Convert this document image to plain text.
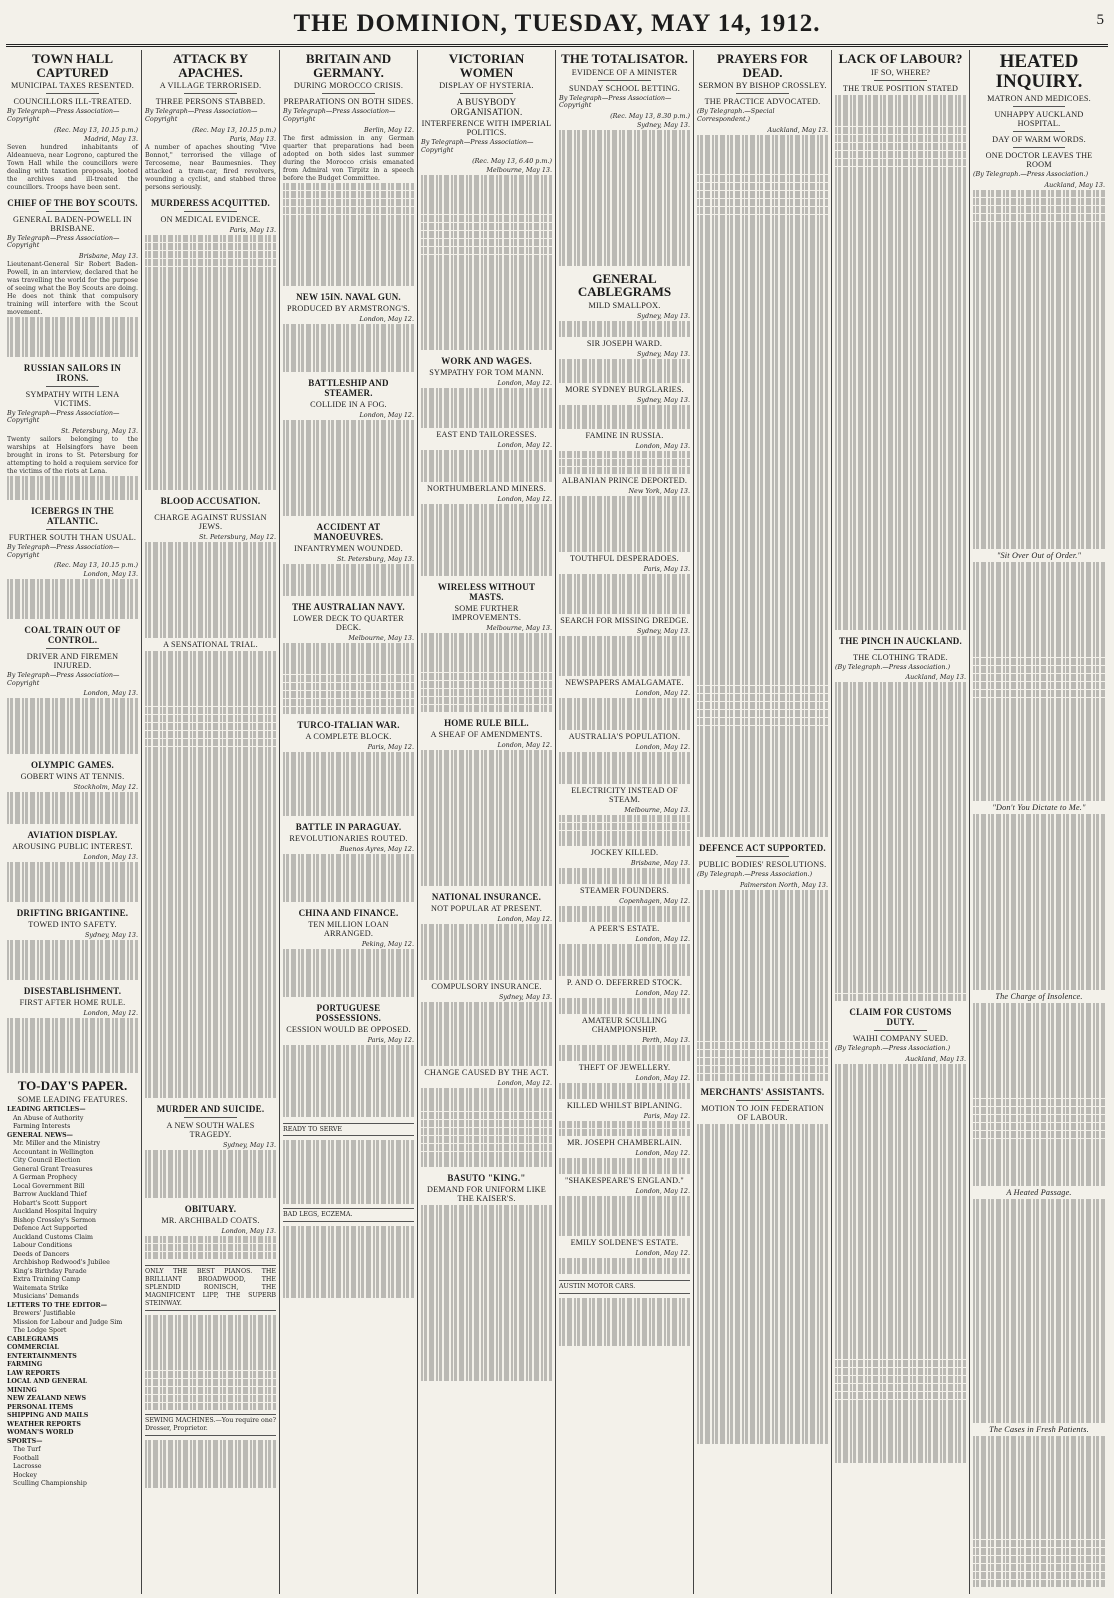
THE DOMINION, TUESDAY, MAY 14, 1912.	5
TOWN HALL CAPTURED
MUNICIPAL TAXES RESENTED.
COUNCILLORS ILL-TREATED.
By Telegraph—Press Association—Copyright
(Rec. May 13, 10.15 p.m.)
Madrid, May 13.

Seven hundred inhabitants of Aldeanueva, near Logrono, captured the Town Hall while the councillors were dealing with taxation proposals, looted the archives and ill-treated the councillors. Troops have been sent.

CHIEF OF THE BOY SCOUTS.
GENERAL BADEN-POWELL IN BRISBANE.
By Telegraph—Press Association—Copyright
Brisbane, May 13.

Lieutenant-General Sir Robert Baden-Powell, in an interview, declared that he was travelling the world for the purpose of seeing what the Boy Scouts are doing. He does not think that compulsory training will interfere with the Scout movement.

RUSSIAN SAILORS IN IRONS.
SYMPATHY WITH LENA VICTIMS.
By Telegraph—Press Association—Copyright
St. Petersburg, May 13.

Twenty sailors belonging to the warships at Helsingfors have been brought in irons to St. Petersburg for attempting to hold a requiem service for the victims of the riots at Lena.

ICEBERGS IN THE ATLANTIC.
FURTHER SOUTH THAN USUAL.
By Telegraph—Press Association—Copyright
(Rec. May 13, 10.15 p.m.)
London, May 13.
COAL TRAIN OUT OF CONTROL.
DRIVER AND FIREMEN INJURED.
By Telegraph—Press Association—Copyright
London, May 13.
OLYMPIC GAMES.
GOBERT WINS AT TENNIS.
Stockholm, May 12.
AVIATION DISPLAY.
AROUSING PUBLIC INTEREST.
London, May 13.
DRIFTING BRIGANTINE.
TOWED INTO SAFETY.
Sydney, May 13.
DISESTABLISHMENT.
FIRST AFTER HOME RULE.
London, May 12.
TO-DAY'S PAPER.
SOME LEADING FEATURES.
LEADING ARTICLES—
An Abuse of Authority
Farming Interests
GENERAL NEWS—
Mr. Miller and the Ministry
Accountant in Wellington
City Council Election
General Grant Treasures
A German Prophecy
Local Government Bill
Barrow Auckland Thief
Hobart's Scott Support
Auckland Hospital Inquiry
Bishop Crossley's Sermon
Defence Act Supported
Auckland Customs Claim
Labour Conditions
Deeds of Dancers
Archbishop Redwood's Jubilee
King's Birthday Parade
Extra Training Camp
Waitemata Strike
Musicians' Demands
LETTERS TO THE EDITOR—
Brewers' Justifiable
Mission for Labour and Judge Sim
The Lodge Sport
CABLEGRAMS
COMMERCIAL
ENTERTAINMENTS
FARMING
LAW REPORTS
LOCAL AND GENERAL
MINING
NEW ZEALAND NEWS
PERSONAL ITEMS
SHIPPING AND MAILS
WEATHER REPORTS
WOMAN'S WORLD
SPORTS—
The Turf
Football
Lacrosse
Hockey
Sculling Championship
ATTACK BY APACHES.
A VILLAGE TERRORISED.
THREE PERSONS STABBED.
By Telegraph—Press Association—Copyright
(Rec. May 13, 10.15 p.m.)
Paris, May 13.

A number of apaches shouting "Vive Bonnot," terrorised the village of Tercoseme, near Baumesnies. They attacked a tram-car, fired revolvers, wounding a cyclist, and stabbed three persons seriously.

MURDERESS ACQUITTED.
ON MEDICAL EVIDENCE.
Paris, May 13.
BLOOD ACCUSATION.
CHARGE AGAINST RUSSIAN JEWS.
St. Petersburg, May 12.
A SENSATIONAL TRIAL.
MURDER AND SUICIDE.
A NEW SOUTH WALES TRAGEDY.
Sydney, May 13.
OBITUARY.
MR. ARCHIBALD COATS.
London, May 13.
ONLY THE BEST PIANOS. THE BRILLIANT BROADWOOD, THE SPLENDID RONISCH, THE MAGNIFICENT LIPP, THE SUPERB STEINWAY.
SEWING MACHINES.—You require one? Dresser, Proprietor.
BRITAIN AND GERMANY.
DURING MOROCCO CRISIS.
PREPARATIONS ON BOTH SIDES.
By Telegraph—Press Association—Copyright
Berlin, May 12.

The first admission in any German quarter that preparations had been adopted on both sides last summer during the Morocco crisis emanated from Admiral von Tirpitz in a speech before the Budget Committee.

NEW 15IN. NAVAL GUN.
PRODUCED BY ARMSTRONG'S.
London, May 12.
BATTLESHIP AND STEAMER.
COLLIDE IN A FOG.
London, May 12.
ACCIDENT AT MANOEUVRES.
INFANTRYMEN WOUNDED.
St. Petersburg, May 13.
THE AUSTRALIAN NAVY.
LOWER DECK TO QUARTER DECK.
Melbourne, May 13.
TURCO-ITALIAN WAR.
A COMPLETE BLOCK.
Paris, May 12.
BATTLE IN PARAGUAY.
REVOLUTIONARIES ROUTED.
Buenos Ayres, May 12.
CHINA AND FINANCE.
TEN MILLION LOAN ARRANGED.
Peking, May 12.
PORTUGUESE POSSESSIONS.
CESSION WOULD BE OPPOSED.
Paris, May 12.
READY TO SERVE
BAD LEGS, ECZEMA.
VICTORIAN WOMEN
DISPLAY OF HYSTERIA.
A BUSYBODY ORGANISATION.
INTERFERENCE WITH IMPERIAL POLITICS.
By Telegraph—Press Association—Copyright
(Rec. May 13, 6.40 p.m.)
Melbourne, May 13.
WORK AND WAGES.
SYMPATHY FOR TOM MANN.
London, May 12.
EAST END TAILORESSES.
London, May 12.
NORTHUMBERLAND MINERS.
London, May 12.
WIRELESS WITHOUT MASTS.
SOME FURTHER IMPROVEMENTS.
Melbourne, May 13.
HOME RULE BILL.
A SHEAF OF AMENDMENTS.
London, May 12.
NATIONAL INSURANCE.
NOT POPULAR AT PRESENT.
London, May 12.
COMPULSORY INSURANCE.
Sydney, May 13.
CHANGE CAUSED BY THE ACT.
London, May 12.
BASUTO "KING."
DEMAND FOR UNIFORM LIKE THE KAISER'S.
THE TOTALISATOR.
EVIDENCE OF A MINISTER
SUNDAY SCHOOL BETTING.
By Telegraph—Press Association—Copyright
(Rec. May 13, 8.30 p.m.)
Sydney, May 13.
GENERAL CABLEGRAMS
MILD SMALLPOX.
Sydney, May 13.
SIR JOSEPH WARD.
Sydney, May 13.
MORE SYDNEY BURGLARIES.
Sydney, May 13.
FAMINE IN RUSSIA.
London, May 13.
ALBANIAN PRINCE DEPORTED.
New York, May 13.
TOUTHFUL DESPERADOES.
Paris, May 13.
SEARCH FOR MISSING DREDGE.
Sydney, May 13.
NEWSPAPERS AMALGAMATE.
London, May 12.
AUSTRALIA'S POPULATION.
London, May 12.
ELECTRICITY INSTEAD OF STEAM.
Melbourne, May 13.
JOCKEY KILLED.
Brisbane, May 13.
STEAMER FOUNDERS.
Copenhagen, May 12.
A PEER'S ESTATE.
London, May 12.
P. AND O. DEFERRED STOCK.
London, May 12.
AMATEUR SCULLING CHAMPIONSHIP.
Perth, May 13.
THEFT OF JEWELLERY.
London, May 12.
KILLED WHILST BIPLANING.
Paris, May 12.
MR. JOSEPH CHAMBERLAIN.
London, May 12.
"SHAKESPEARE'S ENGLAND."
London, May 12.
EMILY SOLDENE'S ESTATE.
London, May 12.
AUSTIN MOTOR CARS.
PRAYERS FOR DEAD.
SERMON BY BISHOP CROSSLEY.
THE PRACTICE ADVOCATED.
(By Telegraph.—Special Correspondent.)
Auckland, May 13.
DEFENCE ACT SUPPORTED.
PUBLIC BODIES' RESOLUTIONS.
(By Telegraph.—Press Association.)
Palmerston North, May 13.
MERCHANTS' ASSISTANTS.
MOTION TO JOIN FEDERATION OF LABOUR.
LACK OF LABOUR?
IF SO, WHERE?
THE TRUE POSITION STATED
THE PINCH IN AUCKLAND.
THE CLOTHING TRADE.
(By Telegraph.—Press Association.)
Auckland, May 13.
CLAIM FOR CUSTOMS DUTY.
WAIHI COMPANY SUED.
(By Telegraph.—Press Association.)
Auckland, May 13.
HEATED INQUIRY.
MATRON AND MEDICOES.
UNHAPPY AUCKLAND HOSPITAL.
DAY OF WARM WORDS.
ONE DOCTOR LEAVES THE ROOM
(By Telegraph.—Press Association.)
Auckland, May 13.
"Sit Over Out of Order."
"Don't You Dictate to Me."
The Charge of Insolence.
A Heated Passage.
The Cases in Fresh Patients.
